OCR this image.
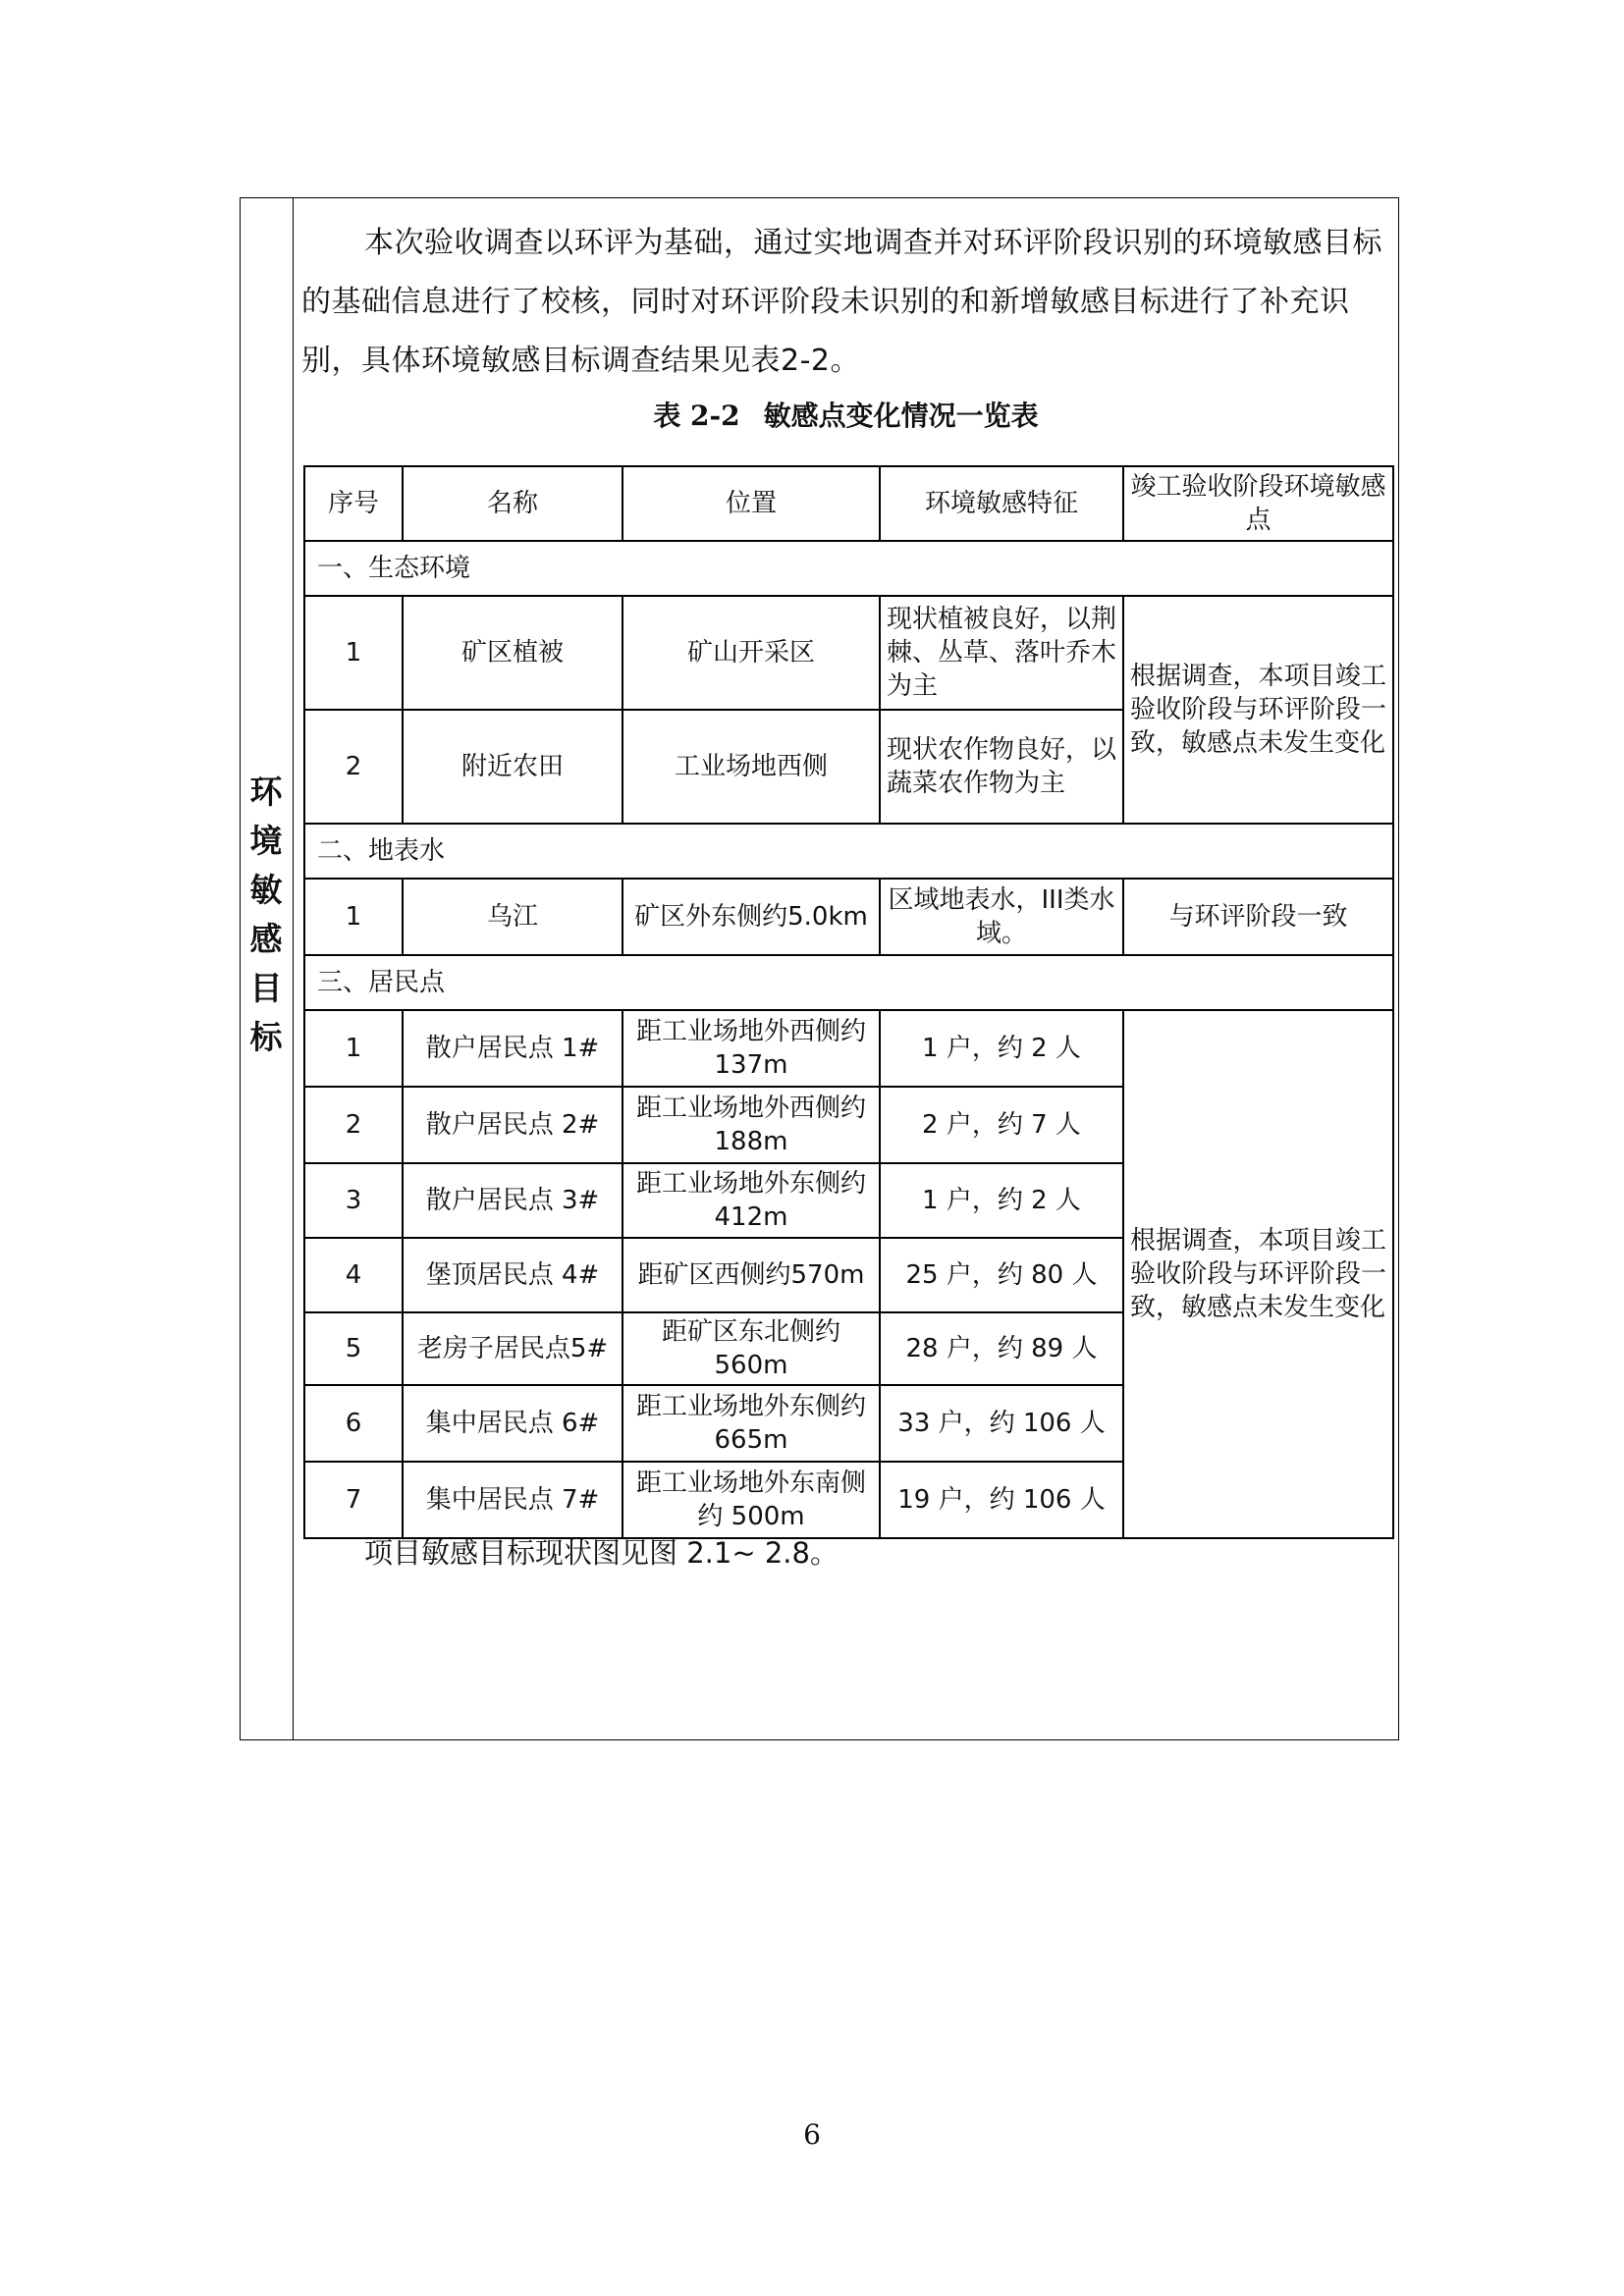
环
境
敏
感
目
标

本次验收调查以环评为基础，通过实地调查并对环评阶段识别的环境敏感目标的基础信息进行了校核，同时对环评阶段未识别的和新增敏感目标进行了补充识别，具体环境敏感目标调查结果见表2-2。

表 2-2 敏感点变化情况一览表
序号	名称	位置	环境敏感特征	竣工验收阶段环境敏感点
一、生态环境				
1	矿区植被	矿山开采区	现状植被良好，以荆棘、丛草、落叶乔木为主	根据调查，本项目竣工验收阶段与环评阶段一致，敏感点未发生变化
2	附近农田	工业场地西侧	现状农作物良好，以蔬菜农作物为主	
二、地表水				
1	乌江	矿区外东侧约5.0km	区域地表水，III类水域。	与环评阶段一致
三、居民点				
1	散户居民点 1#	距工业场地外西侧约 137m	1 户，约 2 人	根据调查，本项目竣工验收阶段与环评阶段一致，敏感点未发生变化
2	散户居民点 2#	距工业场地外西侧约 188m	2 户，约 7 人	
3	散户居民点 3#	距工业场地外东侧约 412m	1 户，约 2 人	
4	堡顶居民点 4#	距矿区西侧约570m	25 户，约 80 人	
5	老房子居民点5#	距矿区东北侧约560m	28 户，约 89 人	
6	集中居民点 6#	距工业场地外东侧约 665m	33 户，约 106 人	
7	集中居民点 7#	距工业场地外东南侧约 500m	19 户，约 106 人	
项目敏感目标现状图见图 2.1~ 2.8。
6
